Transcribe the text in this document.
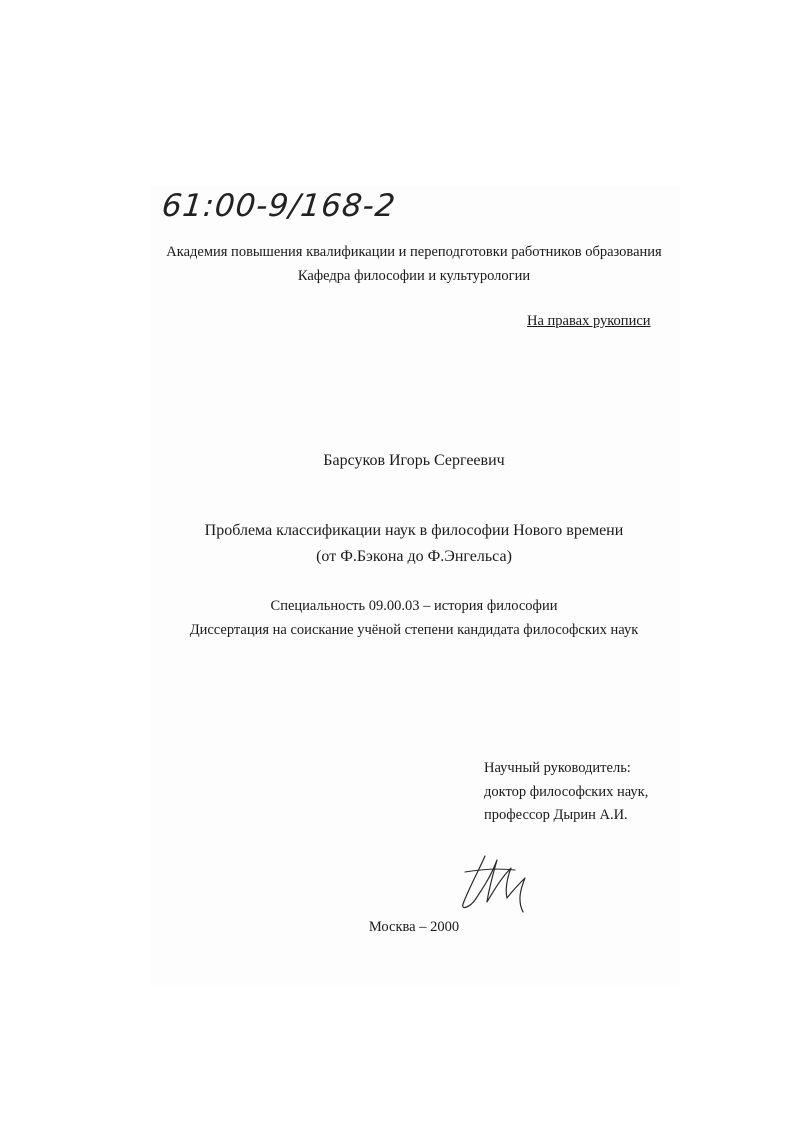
61:00-9/168-2
Академия повышения квалификации и переподготовки работников образования
Кафедра философии и культурологии
На правах рукописи
Барсуков Игорь Сергеевич
Проблема классификации наук в философии Нового времени
(от Ф.Бэкона до Ф.Энгельса)
Специальность 09.00.03 – история философии
Диссертация на соискание учёной степени кандидата философских наук
Научный руководитель:
доктор философских наук,
профессор Дырин А.И.
Москва – 2000
